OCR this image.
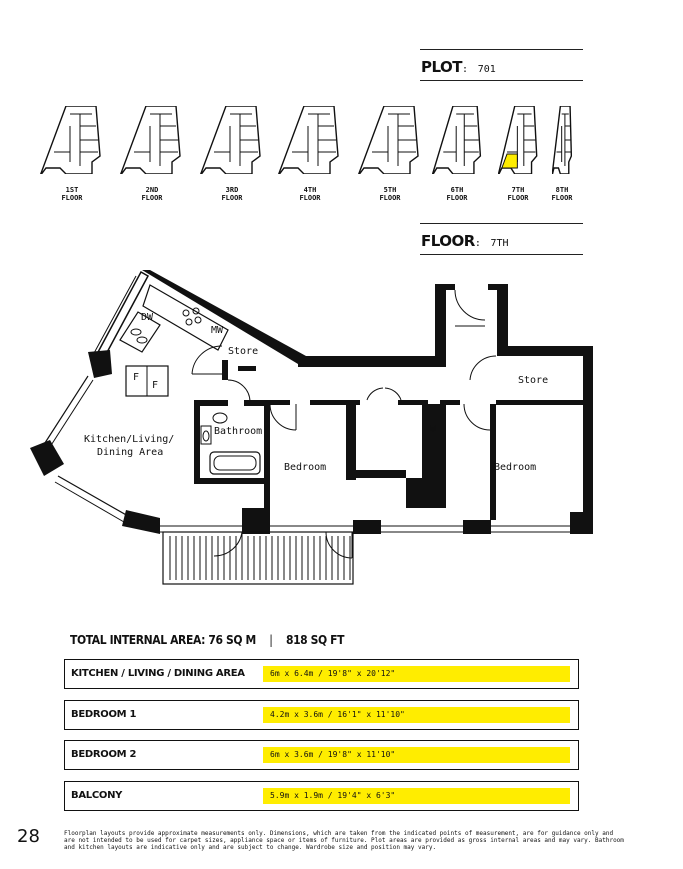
PLOT: 701
1ST
FLOOR
2ND
FLOOR
3RD
FLOOR
4TH
FLOOR
5TH
FLOOR
6TH
FLOOR
7TH
FLOOR
8TH
FLOOR
FLOOR: 7TH
DW
MW
Store
F
F
Kitchen/Living/
Dining Area
Bathroom
Bedroom
W
Store
Bedroom
TOTAL INTERNAL AREA: 76 SQ M | 818 SQ FT
KITCHEN / LIVING / DINING AREA	6m x 6.4m / 19'8" x 20'12"
BEDROOM 1	4.2m x 3.6m / 16'1" x 11'10"
BEDROOM 2	6m x 3.6m / 19'8" x 11'10"
BALCONY	5.9m x 1.9m / 19'4" x 6'3"
28	Floorplan layouts provide approximate measurements only. Dimensions, which are taken from the indicated points of measurement, are for guidance only and are not intended to be used for carpet sizes, appliance space or items of furniture. Plot areas are provided as gross internal areas and may vary. Bathroom and kitchen layouts are indicative only and are subject to change. Wardrobe size and position may vary.
